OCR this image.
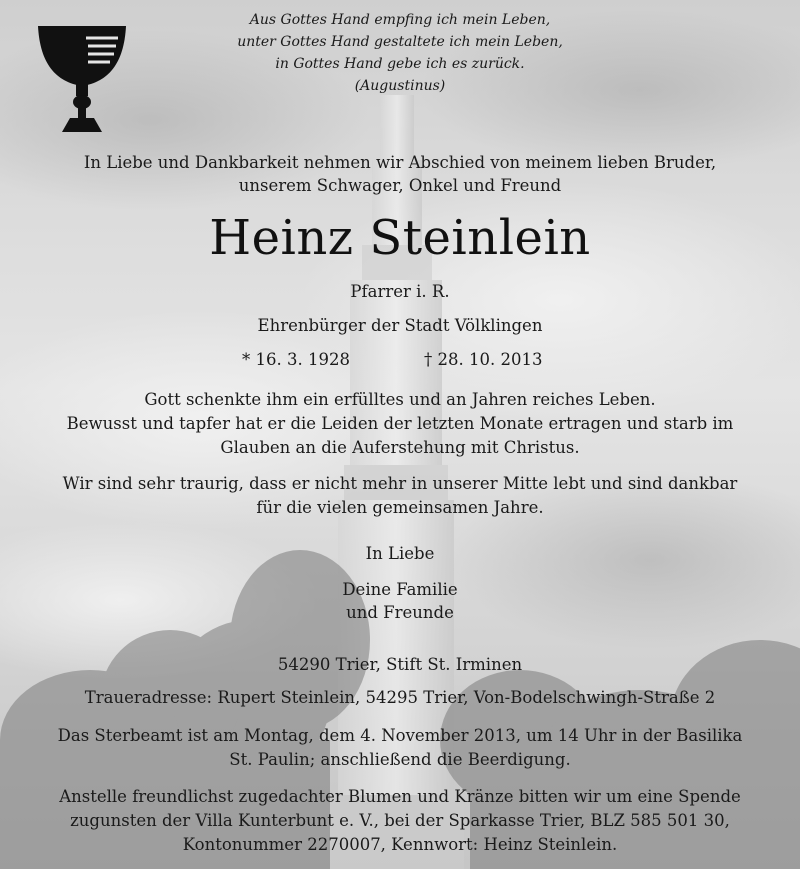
Aus Gottes Hand empfing ich mein Leben,
unter Gottes Hand gestaltete ich mein Leben,
in Gottes Hand gebe ich es zurück.
(Augustinus)
In Liebe und Dankbarkeit nehmen wir Abschied von meinem lieben Bruder,
unserem Schwager, Onkel und Freund
Heinz Steinlein
Pfarrer i. R.
Ehrenbürger der Stadt Völklingen
* 16. 3. 1928	† 28. 10. 2013
Gott schenkte ihm ein erfülltes und an Jahren reiches Leben.
Bewusst und tapfer hat er die Leiden der letzten Monate ertragen und starb im
Glauben an die Auferstehung mit Christus.
Wir sind sehr traurig, dass er nicht mehr in unserer Mitte lebt und sind dankbar
für die vielen gemeinsamen Jahre.
In Liebe
Deine Familie
und Freunde
54290 Trier, Stift St. Irminen
Traueradresse: Rupert Steinlein, 54295 Trier, Von-Bodelschwingh-Straße 2
Das Sterbeamt ist am Montag, dem 4. November 2013, um 14 Uhr in der Basilika
St. Paulin; anschließend die Beerdigung.
Anstelle freundlichst zugedachter Blumen und Kränze bitten wir um eine Spende
zugunsten der Villa Kunterbunt e. V., bei der Sparkasse Trier, BLZ 585 501 30,
Kontonummer 2270007, Kennwort: Heinz Steinlein.
